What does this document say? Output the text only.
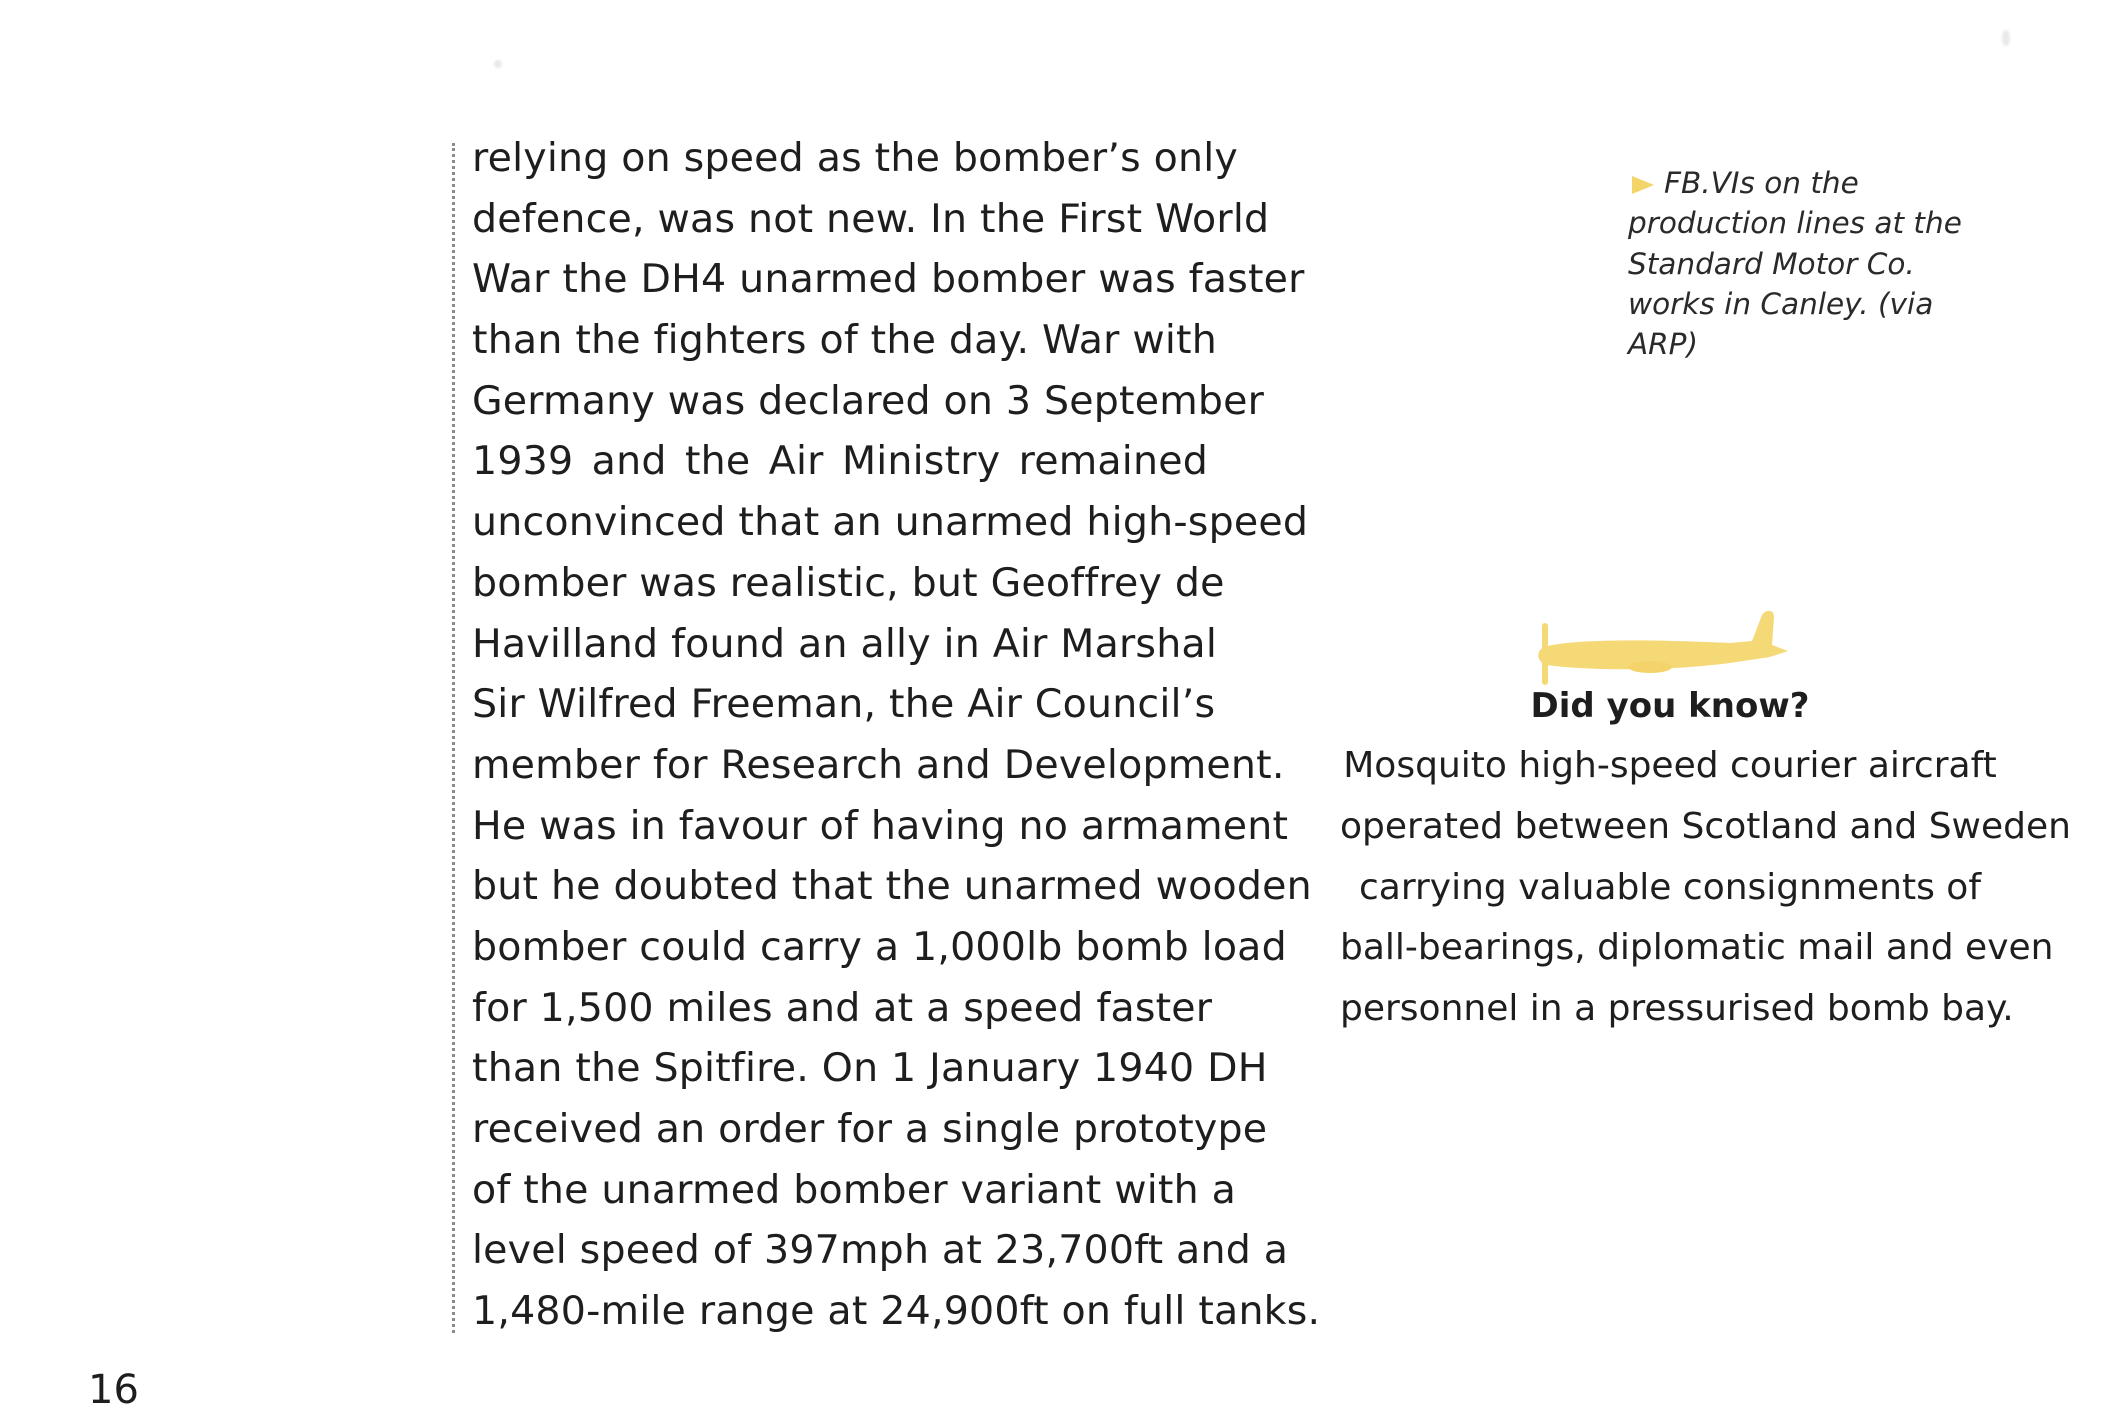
relying on speed as the bomber’s only
defence, was not new. In the First World
War the DH4 unarmed bomber was faster
than the fighters of the day. War with
Germany was declared on 3 September
1939 and the Air Ministry remained
unconvinced that an unarmed high-speed
bomber was realistic, but Geoffrey de
Havilland found an ally in Air Marshal
Sir Wilfred Freeman, the Air Council’s
member for Research and Development.
He was in favour of having no armament
but he doubted that the unarmed wooden
bomber could carry a 1,000lb bomb load
for 1,500 miles and at a speed faster
than the Spitfire. On 1 January 1940 DH
received an order for a single prototype
of the unarmed bomber variant with a
level speed of 397mph at 23,700ft and a
1,480-mile range at 24,900ft on full tanks.
FB.VIs on the
production lines at the
Standard Motor Co.
works in Canley. (via
ARP)
Did you know?
Mosquito high-speed courier aircraft
operated between Scotland and Sweden
carrying valuable consignments of
ball-bearings, diplomatic mail and even
personnel in a pressurised bomb bay.
16
